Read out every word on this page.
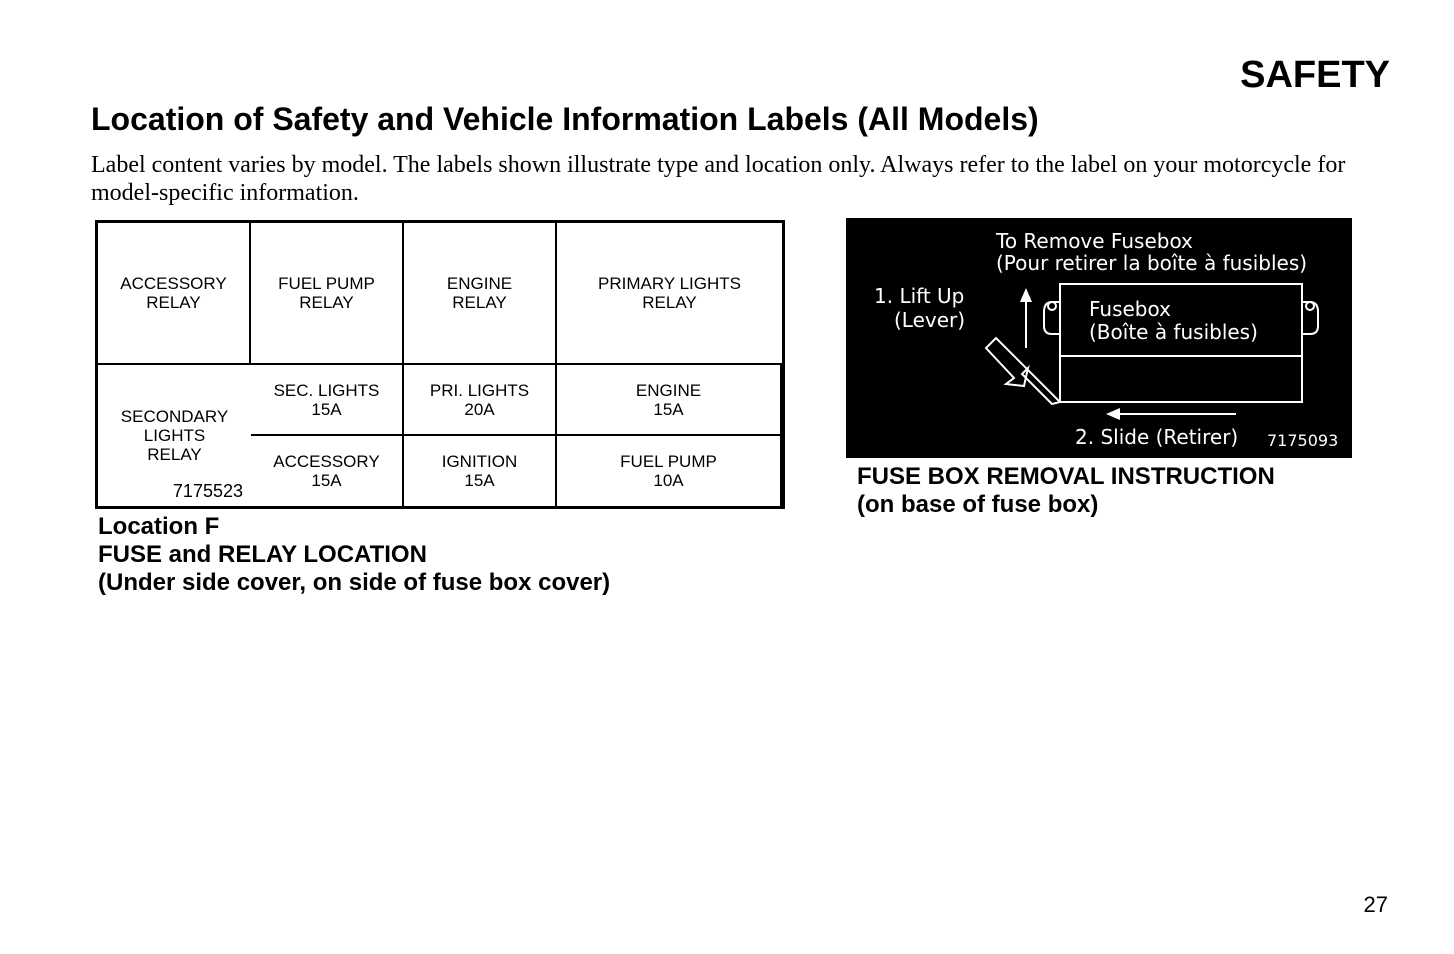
SAFETY
Location of Safety and Vehicle Information Labels (All Models)

Label content varies by model. The labels shown illustrate type and location only. Always refer to the label on your motorcycle for model-specific information.

ACCESSORY
RELAY
FUEL PUMP
RELAY
ENGINE
RELAY
PRIMARY LIGHTS
RELAY
SEC. LIGHTS
15A
PRI. LIGHTS
20A
ENGINE
15A
SECONDARY LIGHTS
RELAY
7175523
ACCESSORY
15A
IGNITION
15A
FUEL PUMP
10A
Location F
FUSE and RELAY LOCATION
(Under side cover, on side of fuse box cover)
To Remove Fusebox
(Pour retirer la boîte à fusibles)
1. Lift Up
(Lever)	Fusebox
(Boîte à fusibles)
2. Slide (Retirer) 7175093
FUSE BOX REMOVAL INSTRUCTION
(on base of fuse box)

27
